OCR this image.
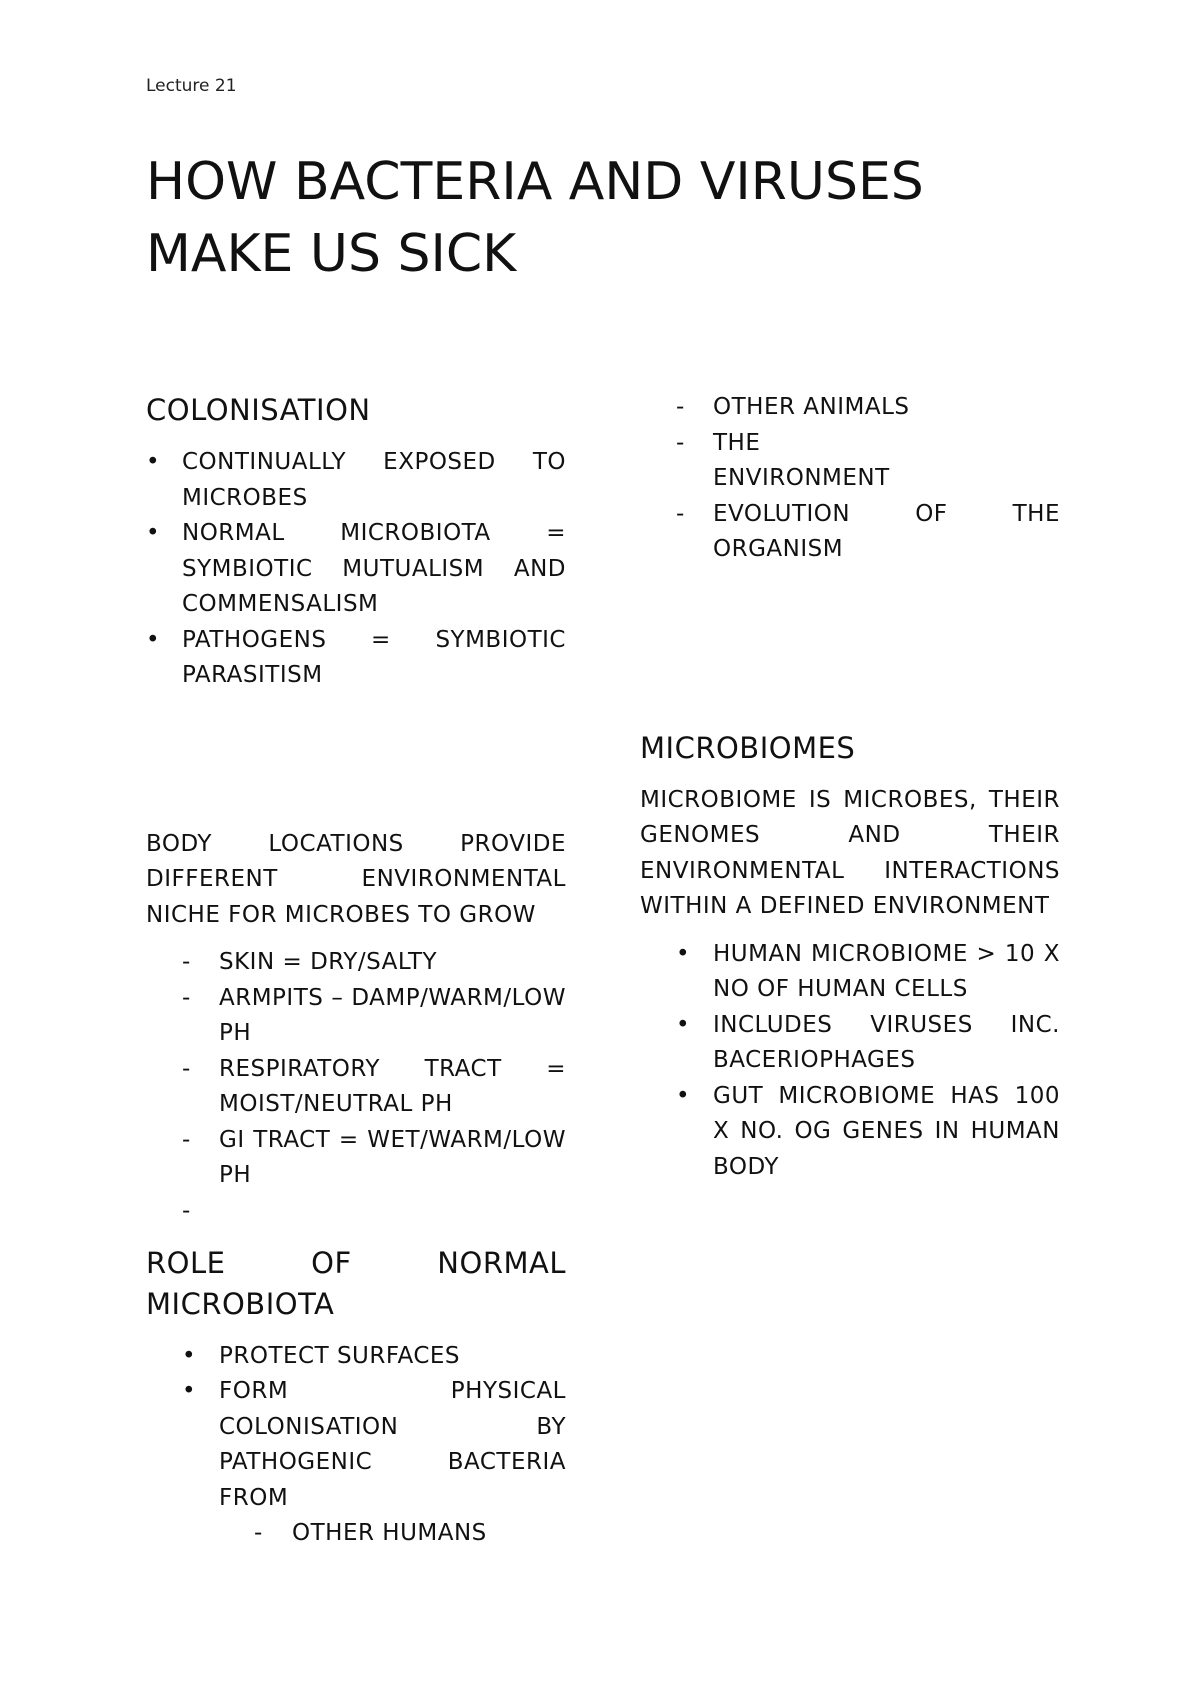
Lecture 21
HOW BACTERIA AND VIRUSES MAKE US SICK
COLONISATION
• CONTINUALLY EXPOSED TO MICROBES
• NORMAL MICROBIOTA = SYMBIOTIC MUTUALISM AND COMMENSALISM
• PATHOGENS = SYMBIOTIC PARASITISM

BODY LOCATIONS PROVIDE DIFFERENT ENVIRONMENTAL NICHE FOR MICROBES TO GROW

- SKIN = DRY/SALTY
- ARMPITS – DAMP/WARM/LOW PH
- RESPIRATORY TRACT = MOIST/NEUTRAL PH
- GI TRACT = WET/WARM/LOW PH
-
ROLE OF NORMAL MICROBIOTA
• PROTECT SURFACES
• FORM PHYSICAL COLONISATION BY PATHOGENIC BACTERIA FROM
- OTHER HUMANS
- OTHER ANIMALS
- THE ENVIRONMENT
- EVOLUTION OF THE ORGANISM
MICROBIOMES

MICROBIOME IS MICROBES, THEIR GENOMES AND THEIR ENVIRONMENTAL INTERACTIONS WITHIN A DEFINED ENVIRONMENT

• HUMAN MICROBIOME > 10 X NO OF HUMAN CELLS
• INCLUDES VIRUSES INC. BACERIOPHAGES
• GUT MICROBIOME HAS 100 X NO. OG GENES IN HUMAN BODY
